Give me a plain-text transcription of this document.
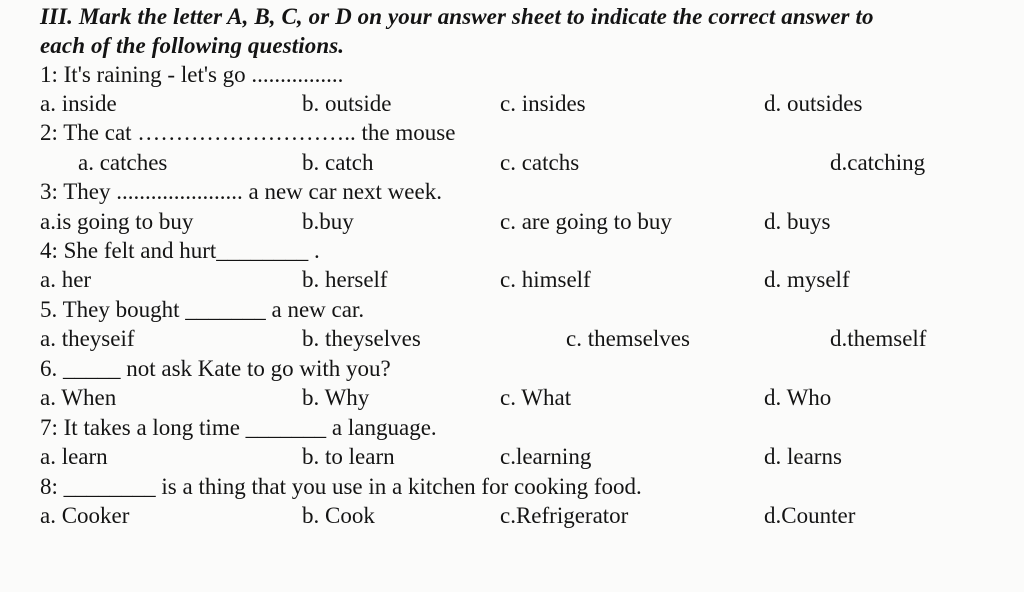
III. Mark the letter A, B, C, or D on your answer sheet to indicate the correct answer to
each of the following questions.
1: It's raining - let's go ................
a. inside	b. outside	c. insides	d. outsides
2: The cat ……………………….. the mouse
a. catches	b. catch	c. catchs	d.catching
3: They ...................... a new car next week.
a.is going to buy	b.buy	c. are going to buy	d. buys
4: She felt and hurt________ .
a. her	b. herself	c. himself	d. myself
5. They bought _______ a new car.
a. theyseif	b. theyselves	c. themselves	d.themself
6. _____ not ask Kate to go with you?
a. When	b. Why	c. What	d. Who
7: It takes a long time _______ a language.
a. learn	b. to learn	c.learning	d. learns
8: ________ is a thing that you use in a kitchen for cooking food.
a. Cooker	b. Cook	c.Refrigerator	d.Counter
